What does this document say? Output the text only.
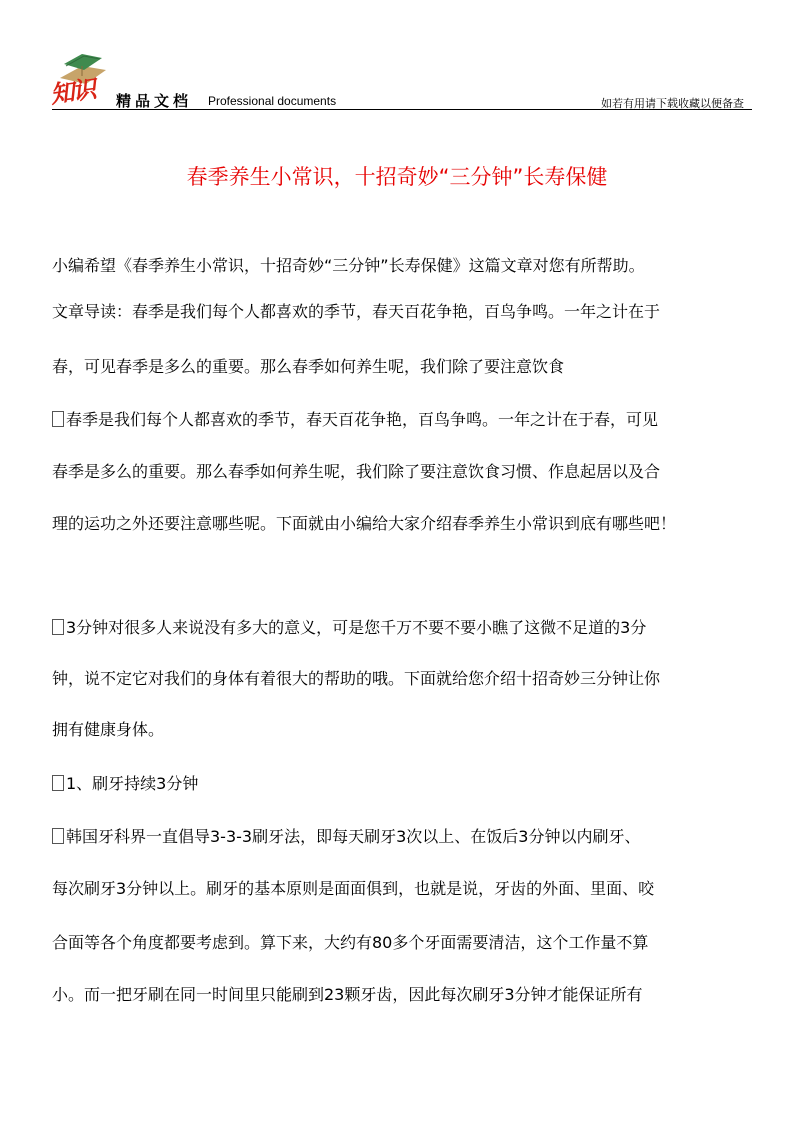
知识 精品文档 Professional documents	如若有用请下载收藏以便备查
春季养生小常识，十招奇妙“三分钟”长寿保健
小编希望《春季养生小常识，十招奇妙“三分钟”长寿保健》这篇文章对您有所帮助。
文章导读：春季是我们每个人都喜欢的季节，春天百花争艳，百鸟争鸣。一年之计在于
春，可见春季是多么的重要。那么春季如何养生呢，我们除了要注意饮食
春季是我们每个人都喜欢的季节，春天百花争艳，百鸟争鸣。一年之计在于春，可见
春季是多么的重要。那么春季如何养生呢，我们除了要注意饮食习惯、作息起居以及合
理的运功之外还要注意哪些呢。下面就由小编给大家介绍春季养生小常识到底有哪些吧！
3分钟对很多人来说没有多大的意义，可是您千万不要不要小瞧了这微不足道的3分
钟，说不定它对我们的身体有着很大的帮助的哦。下面就给您介绍十招奇妙三分钟让你
拥有健康身体。
1、刷牙持续3分钟
韩国牙科界一直倡导3-3-3刷牙法，即每天刷牙3次以上、在饭后3分钟以内刷牙、
每次刷牙3分钟以上。刷牙的基本原则是面面俱到，也就是说，牙齿的外面、里面、咬
合面等各个角度都要考虑到。算下来，大约有80多个牙面需要清洁，这个工作量不算
小。而一把牙刷在同一时间里只能刷到23颗牙齿，因此每次刷牙3分钟才能保证所有
